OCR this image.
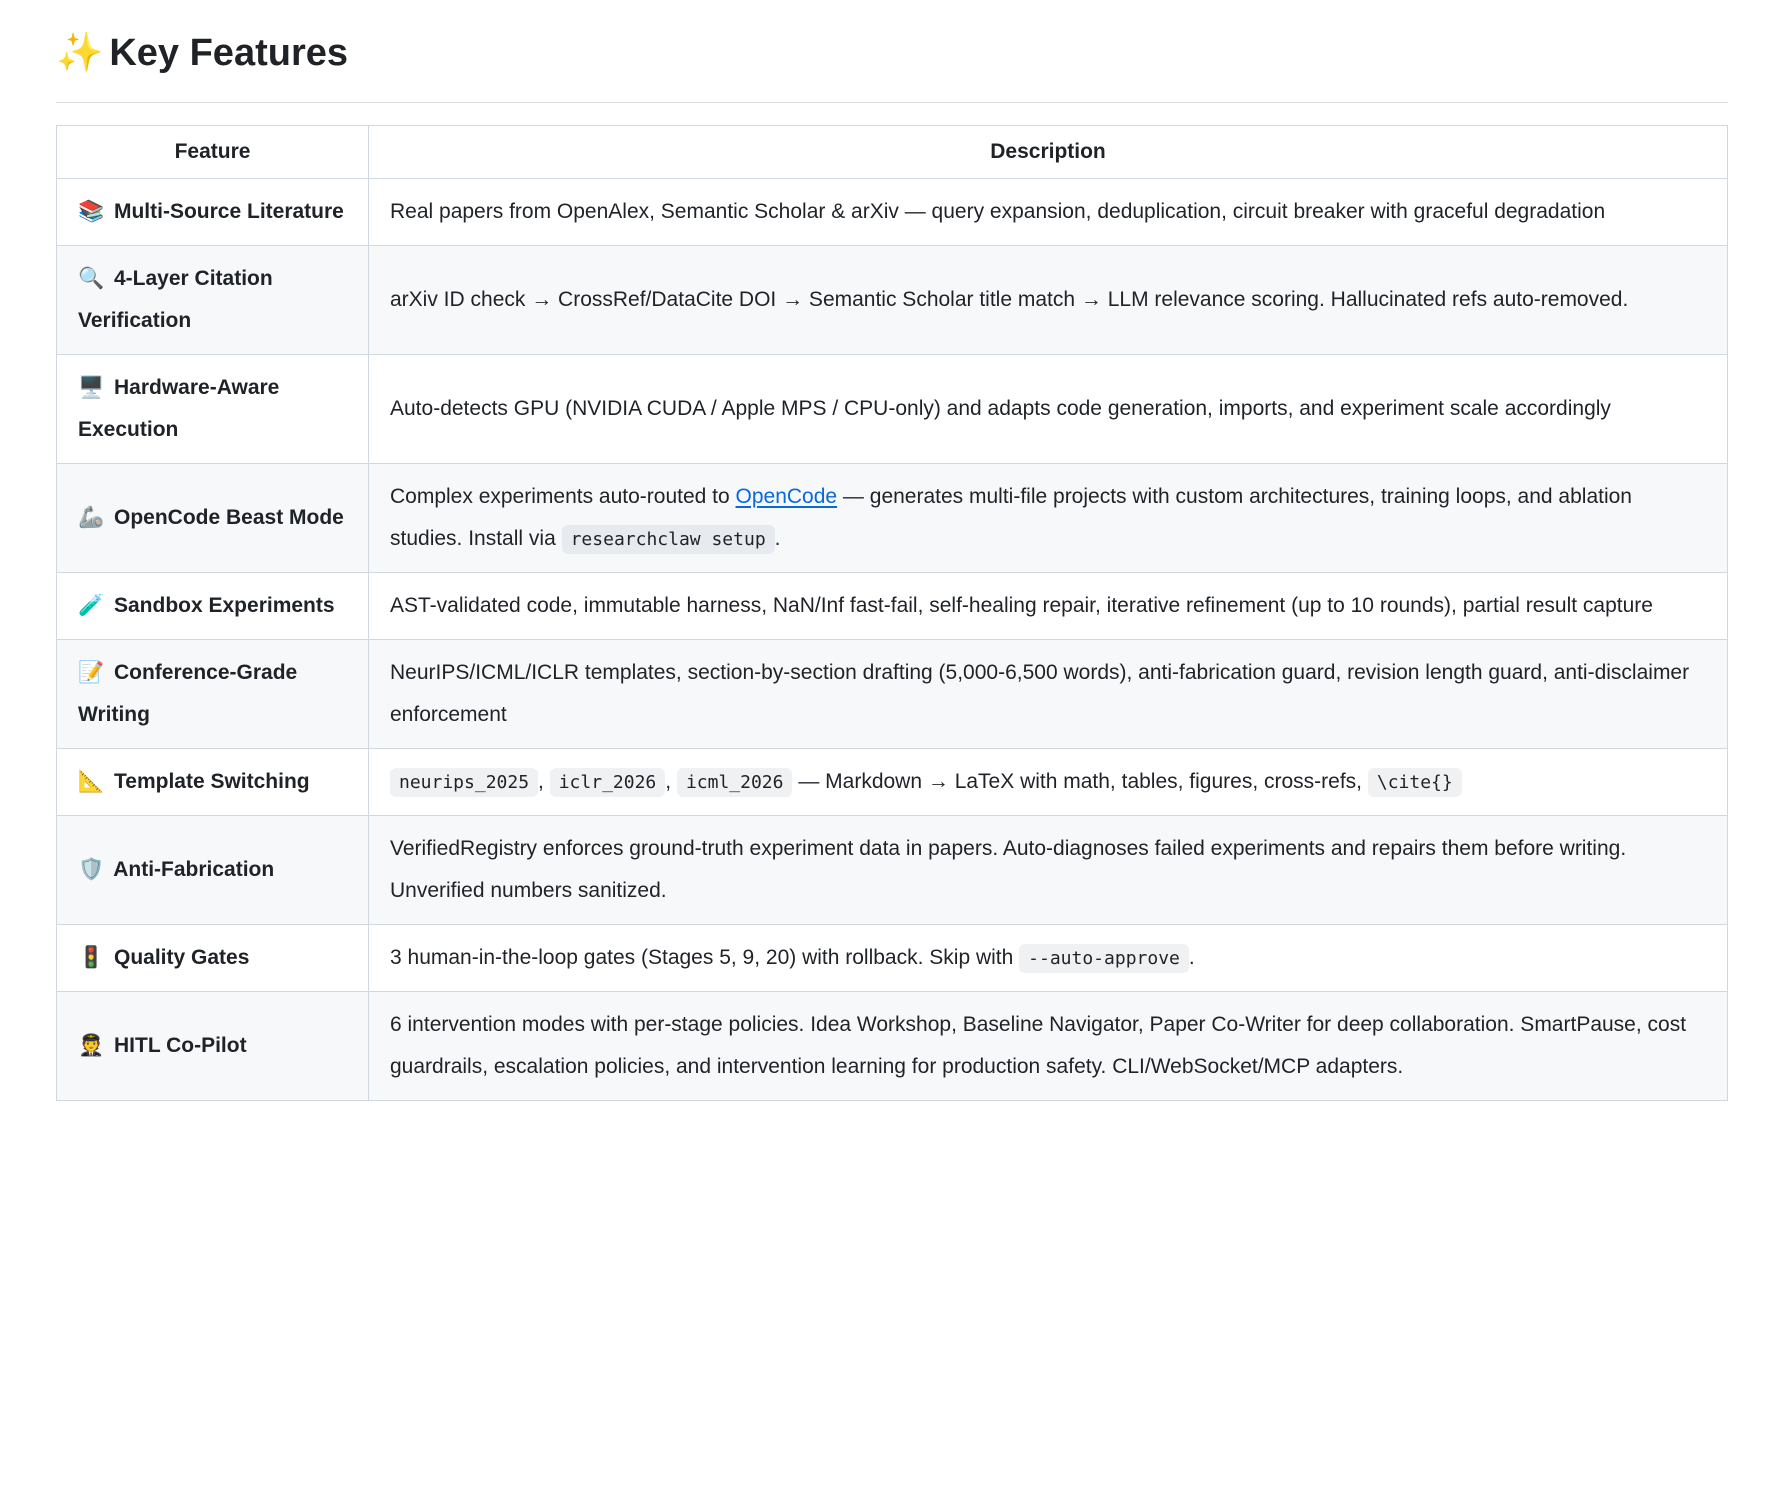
✨ Key Features
Feature	Description
📚 Multi-Source Literature	Real papers from OpenAlex, Semantic Scholar & arXiv — query expansion, deduplication, circuit breaker with graceful degradation
🔍 4-Layer Citation Verification	arXiv ID check → CrossRef/DataCite DOI → Semantic Scholar title match → LLM relevance scoring. Hallucinated refs auto-removed.
🖥️ Hardware-Aware Execution	Auto-detects GPU (NVIDIA CUDA / Apple MPS / CPU-only) and adapts code generation, imports, and experiment scale accordingly
🦾 OpenCode Beast Mode	Complex experiments auto-routed to OpenCode — generates multi-file projects with custom architectures, training loops, and ablation studies. Install via researchclaw setup .
🧪 Sandbox Experiments	AST-validated code, immutable harness, NaN/Inf fast-fail, self-healing repair, iterative refinement (up to 10 rounds), partial result capture
📝 Conference-Grade Writing	NeurIPS/ICML/ICLR templates, section-by-section drafting (5,000-6,500 words), anti-fabrication guard, revision length guard, anti-disclaimer enforcement
📐 Template Switching	neurips_2025 , iclr_2026 , icml_2026 — Markdown → LaTeX with math, tables, figures, cross-refs, \cite{}
🛡️ Anti-Fabrication	VerifiedRegistry enforces ground-truth experiment data in papers. Auto-diagnoses failed experiments and repairs them before writing. Unverified numbers sanitized.
🚦 Quality Gates	3 human-in-the-loop gates (Stages 5, 9, 20) with rollback. Skip with --auto-approve .
🧑‍✈️ HITL Co-Pilot	6 intervention modes with per-stage policies. Idea Workshop, Baseline Navigator, Paper Co-Writer for deep collaboration. SmartPause, cost guardrails, escalation policies, and intervention learning for production safety. CLI/WebSocket/MCP adapters.
